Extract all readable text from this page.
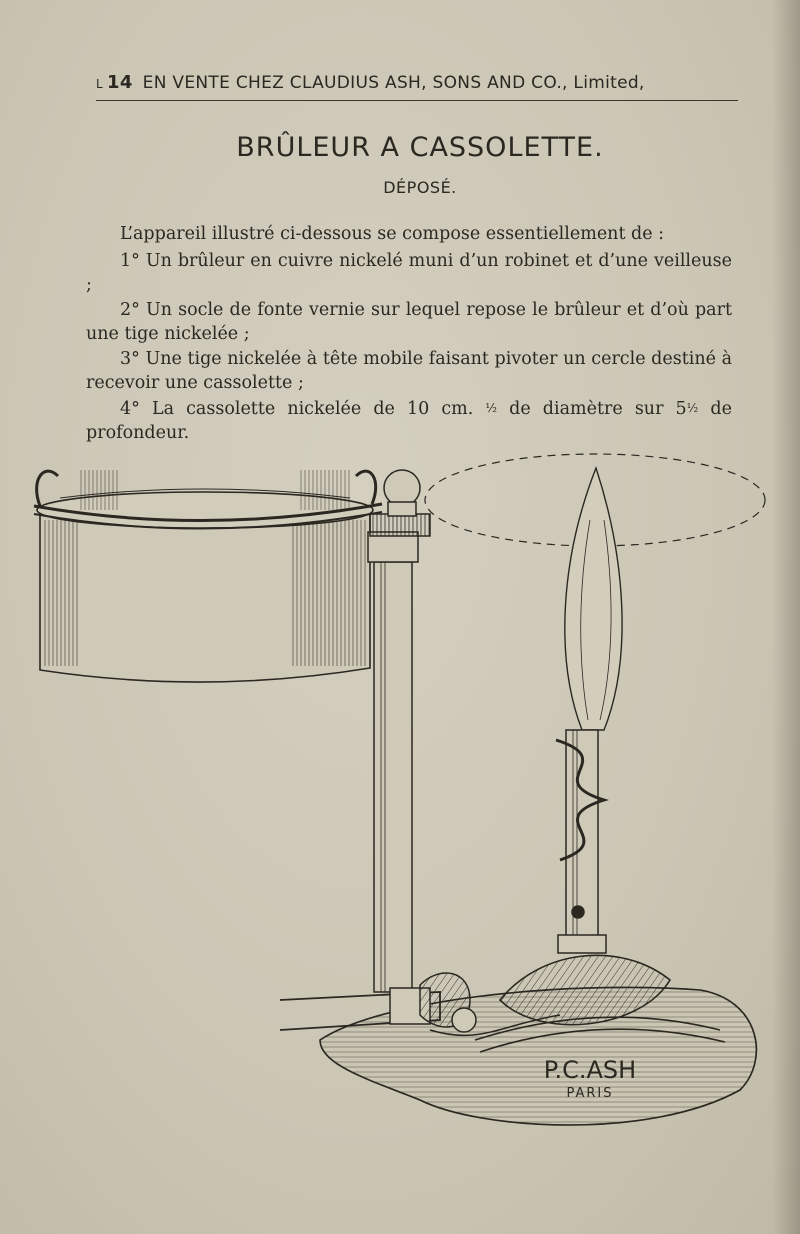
L 14 EN VENTE CHEZ CLAUDIUS ASH, SONS AND CO., Limited,
BRÛLEUR A CASSOLETTE.
DÉPOSÉ.

L’appareil illustré ci-dessous se compose essentiellement de :

1° Un brûleur en cuivre nickelé muni d’un robinet et d’une veilleuse ;

2° Un socle de fonte vernie sur lequel repose le brûleur et d’où part une tige nickelée ;

3° Une tige nickelée à tête mobile faisant pivoter un cercle destiné à recevoir une cassolette ;

4° La cassolette nickelée de 10 cm. ½ de diamètre sur 5½ de profondeur.

P.C.ASH
PARIS
